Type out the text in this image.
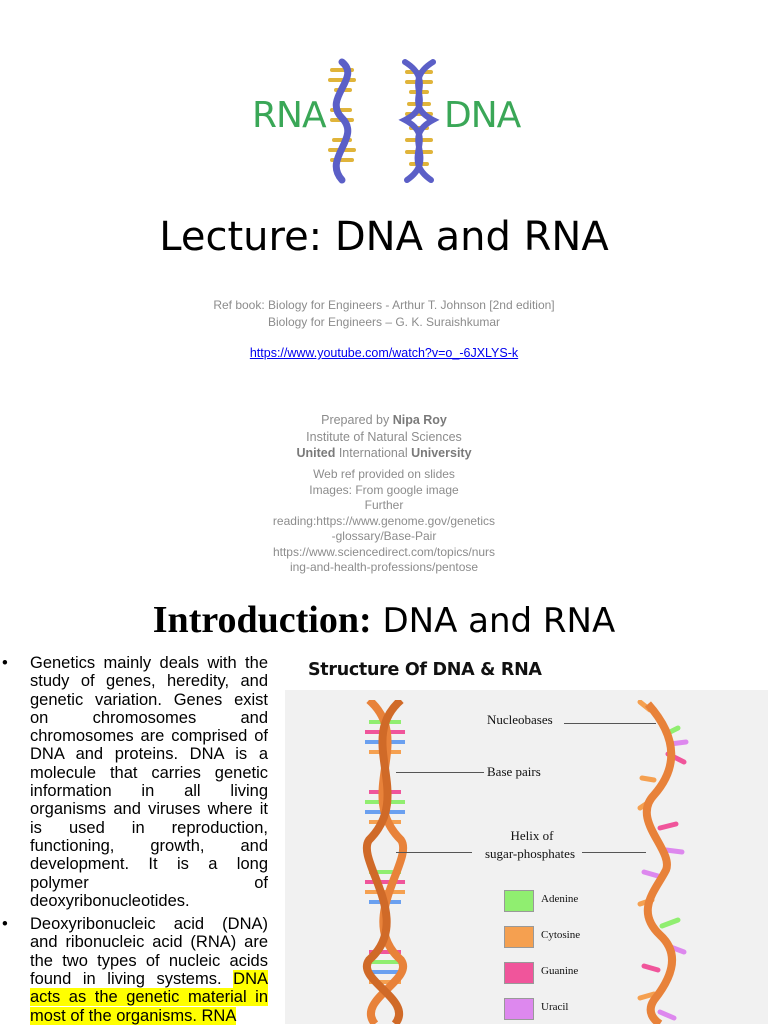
RNA	DNA
Lecture: DNA and RNA
Ref book: Biology for Engineers - Arthur T. Johnson [2nd edition]
Biology for Engineers – G. K. Suraishkumar
https://www.youtube.com/watch?v=o_-6JXLYS-k
Prepared by Nipa Roy
Institute of Natural Sciences
United International University
Web ref provided on slides
Images: From google image
Further
reading:https://www.genome.gov/genetics
-glossary/Base-Pair
https://www.sciencedirect.com/topics/nurs
ing-and-health-professions/pentose
Introduction: DNA and RNA
• Genetics mainly deals with the study of genes, heredity, and genetic variation. Genes exist on chromosomes and chromosomes are comprised of DNA and proteins. DNA is a molecule that carries genetic information in all living organisms and viruses where it is used in reproduction, functioning, growth, and development. It is a long polymer of deoxyribonucleotides.
• Deoxyribonucleic acid (DNA) and ribonucleic acid (RNA) are the two types of nucleic acids found in living systems. DNA acts as the genetic material in most of the organisms. RNA
Structure Of DNA & RNA
Nucleobases
Base pairs
Helix of
sugar-phosphates
Adenine
Cytosine
Guanine
Uracil
